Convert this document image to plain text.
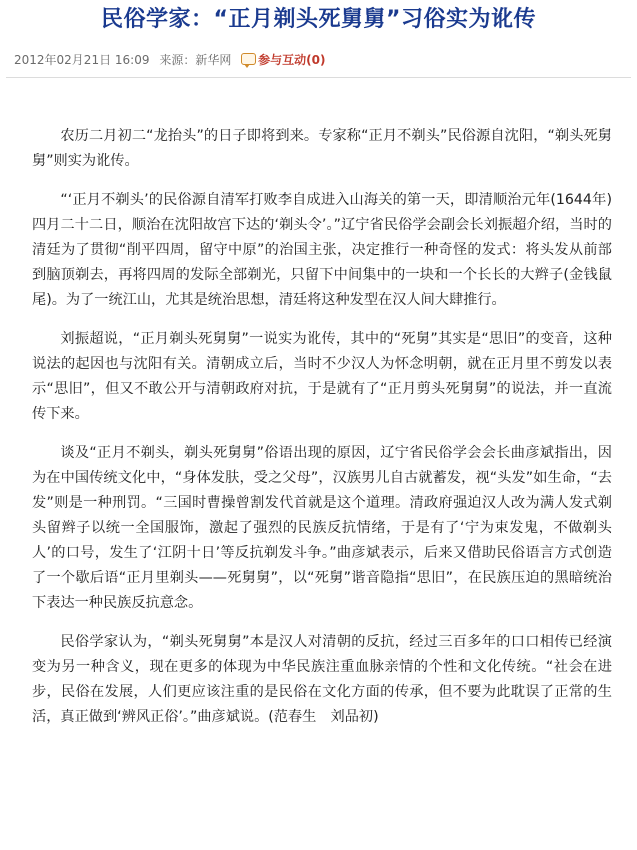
民俗学家：“正月剃头死舅舅”习俗实为讹传
2012年02月21日 16:09 来源：新华网 参与互动(0)

农历二月初二“龙抬头”的日子即将到来。专家称“正月不剃头”民俗源自沈阳，“剃头死舅舅”则实为讹传。

“‘正月不剃头’的民俗源自清军打败李自成进入山海关的第一天，即清顺治元年(1644年)四月二十二日，顺治在沈阳故宫下达的‘剃头令’。”辽宁省民俗学会副会长刘振超介绍，当时的清廷为了贯彻“削平四周，留守中原”的治国主张，决定推行一种奇怪的发式：将头发从前部到脑顶剃去，再将四周的发际全部剃光，只留下中间集中的一块和一个长长的大辫子(金钱鼠尾)。为了一统江山，尤其是统治思想，清廷将这种发型在汉人间大肆推行。

刘振超说，“正月剃头死舅舅”一说实为讹传，其中的“死舅”其实是“思旧”的变音，这种说法的起因也与沈阳有关。清朝成立后，当时不少汉人为怀念明朝，就在正月里不剪发以表示“思旧”，但又不敢公开与清朝政府对抗，于是就有了“正月剪头死舅舅”的说法，并一直流传下来。

谈及“正月不剃头，剃头死舅舅”俗语出现的原因，辽宁省民俗学会会长曲彦斌指出，因为在中国传统文化中，“身体发肤，受之父母”，汉族男儿自古就蓄发，视“头发”如生命，“去发”则是一种刑罚。“三国时曹操曾割发代首就是这个道理。清政府强迫汉人改为满人发式剃头留辫子以统一全国服饰，激起了强烈的民族反抗情绪，于是有了‘宁为束发鬼，不做剃头人’的口号，发生了‘江阴十日’等反抗剃发斗争。”曲彦斌表示，后来又借助民俗语言方式创造了一个歇后语“正月里剃头——死舅舅”，以“死舅”谐音隐指“思旧”，在民族压迫的黑暗统治下表达一种民族反抗意念。

民俗学家认为，“剃头死舅舅”本是汉人对清朝的反抗，经过三百多年的口口相传已经演变为另一种含义，现在更多的体现为中华民族注重血脉亲情的个性和文化传统。“社会在进步，民俗在发展，人们更应该注重的是民俗在文化方面的传承，但不要为此耽误了正常的生活，真正做到‘辨风正俗’。”曲彦斌说。(范春生　刘品初)
